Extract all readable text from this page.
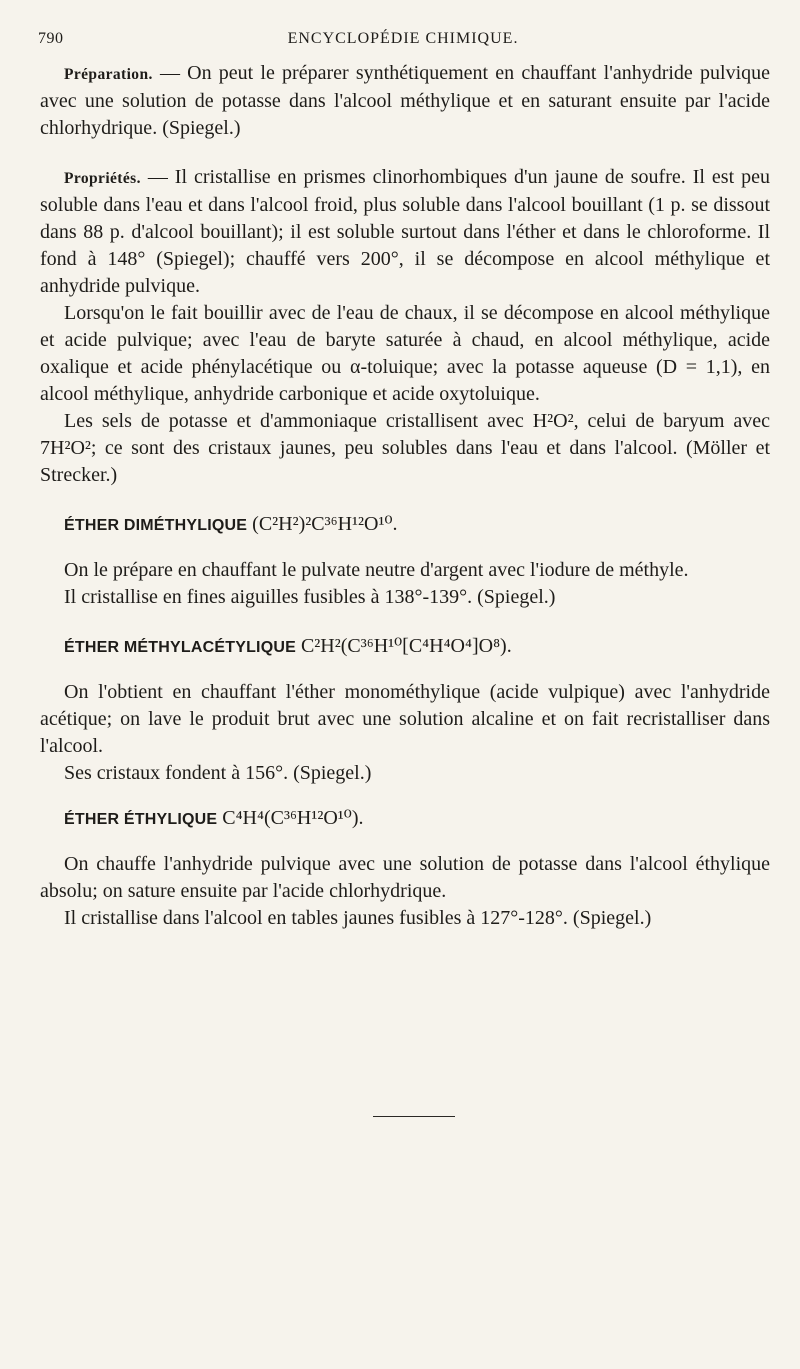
790	ENCYCLOPÉDIE CHIMIQUE.

Préparation. — On peut le préparer synthétiquement en chauffant l'anhydride pulvique avec une solution de potasse dans l'alcool méthylique et en saturant ensuite par l'acide chlorhydrique. (Spiegel.)

Propriétés. — Il cristallise en prismes clinorhombiques d'un jaune de soufre. Il est peu soluble dans l'eau et dans l'alcool froid, plus soluble dans l'alcool bouillant (1 p. se dissout dans 88 p. d'alcool bouillant); il est soluble surtout dans l'éther et dans le chloroforme. Il fond à 148° (Spiegel); chauffé vers 200°, il se décompose en alcool méthylique et anhydride pulvique.

Lorsqu'on le fait bouillir avec de l'eau de chaux, il se décompose en alcool méthylique et acide pulvique; avec l'eau de baryte saturée à chaud, en alcool méthylique, acide oxalique et acide phénylacétique ou α-toluique; avec la potasse aqueuse (D = 1,1), en alcool méthylique, anhydride carbonique et acide oxytoluique.

Les sels de potasse et d'ammoniaque cristallisent avec H²O², celui de baryum avec 7H²O²; ce sont des cristaux jaunes, peu solubles dans l'eau et dans l'alcool. (Möller et Strecker.)

ÉTHER DIMÉTHYLIQUE (C²H²)²C³⁶H¹²O¹⁰.

On le prépare en chauffant le pulvate neutre d'argent avec l'iodure de méthyle.

Il cristallise en fines aiguilles fusibles à 138°-139°. (Spiegel.)

ÉTHER MÉTHYLACÉTYLIQUE C²H²(C³⁶H¹⁰[C⁴H⁴O⁴]O⁸).

On l'obtient en chauffant l'éther monométhylique (acide vulpique) avec l'anhydride acétique; on lave le produit brut avec une solution alcaline et on fait recristalliser dans l'alcool.

Ses cristaux fondent à 156°. (Spiegel.)

ÉTHER ÉTHYLIQUE C⁴H⁴(C³⁶H¹²O¹⁰).

On chauffe l'anhydride pulvique avec une solution de potasse dans l'alcool éthylique absolu; on sature ensuite par l'acide chlorhydrique.

Il cristallise dans l'alcool en tables jaunes fusibles à 127°-128°. (Spiegel.)
